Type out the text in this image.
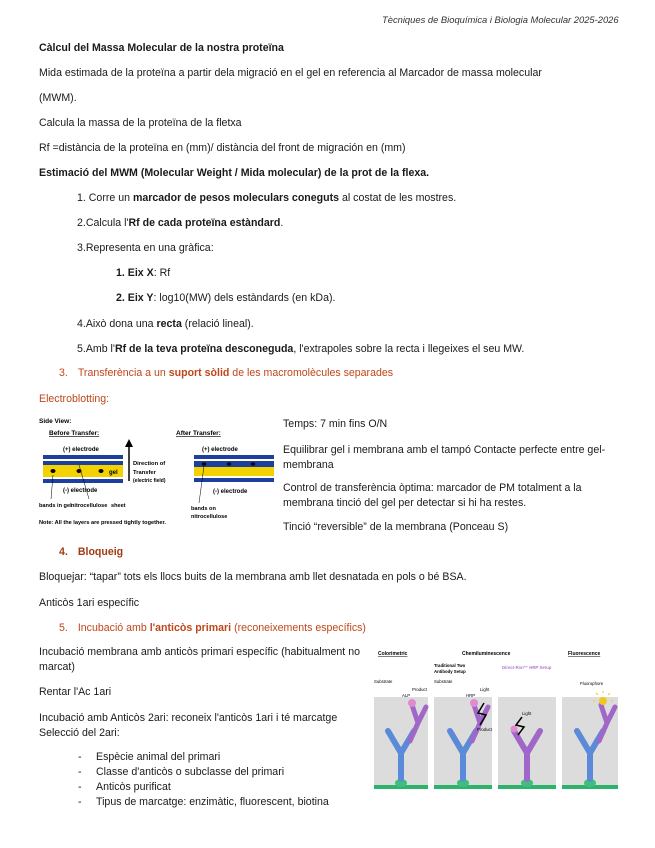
Tècniques de Bioquímica i Biologia Molecular 2025-2026
Càlcul del Massa Molecular de la nostra proteïna
Mida estimada de la proteïna a partir dela migració en el gel en referencia al Marcador de massa molecular
(MWM).
Calcula la massa de la proteïna de la fletxa
Rf =distància de la proteïna en (mm)/ distància del front de migración en (mm)
Estimació del MWM (Molecular Weight / Mida molecular) de la prot de la flexa.
1. Corre un marcador de pesos moleculars coneguts al costat de les mostres.
2.Calcula l'Rf de cada proteïna estàndard.
3.Representa en una gràfica:
1. Eix X: Rf
2. Eix Y: log10(MW) dels estàndards (en kDa).
4.Això dona una recta (relació lineal).
5.Amb l'Rf de la teva proteïna desconeguda, l'extrapoles sobre la recta i llegeixes el seu MW.
3. Transferència a un suport sòlid de les macromolècules separades
Electroblotting:
Side View:
Before Transfer:	After Transfer:
(+) electrode
gel
(-) electrode
Direction of
Transfer
(electric field)
bands in gel nitrocellulose sheet
Note: All the layers are pressed tightly together.
(+) electrode
(-) electrode
bands on
nitrocellulose
Temps: 7 min fins O/N
Equilibrar gel i membrana amb el tampó Contacte perfecte entre gel-membrana
Control de transferència òptima: marcador de PM totalment a la membrana tinció del gel per detectar si hi ha restes.
Tinció “reversible” de la membrana (Ponceau S)
4. Bloqueig
Bloquejar: “tapar” tots els llocs buits de la membrana amb llet desnatada en pols o bé BSA.
Anticòs 1ari específic
5. Incubació amb l'anticòs primari (reconeixements específics)
Incubació membrana amb anticòs primari específic (habitualment no marcat)
Rentar l'Ac 1ari
Incubació amb Anticòs 2ari: reconeix l'anticòs 1ari i té marcatge Selecció del 2ari:
- Espècie animal del primari
- Classe d'anticòs o subclasse del primari
- Anticòs purificat
- Tipus de marcatge: enzimàtic, fluorescent, biotina
Colorimetric	Chemiluminescence	Fluorescence
Traditional Two
Antibody Setup
Direct-Rxn™ HRP Setup
Substrate	Substrate
ALP
Product
HRP
Light
Product
Light
Fluorophore
